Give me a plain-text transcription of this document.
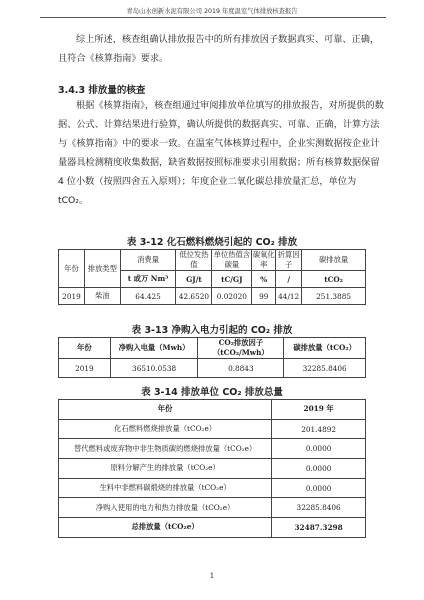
青岛山水创新水泥有限公司 2019 年度温室气体排放核查报告
综上所述，核查组确认排放报告中的所有排放因子数据真实、可靠、正确，且符合《核算指南》要求。
3.4.3 排放量的核查
根据《核算指南》，核查组通过审阅排放单位填写的排放报告，对所提供的数据、公式、计算结果进行验算，确认所提供的数据真实、可靠、正确，计算方法与《核算指南》中的要求一致。在温室气体核算过程中，企业实测数据按企业计量器具检测精度收集数据，缺省数据按照标准要求引用数据；所有核算数据保留 4 位小数（按照四舍五入原则）；年度企业二氧化碳总排放量汇总，单位为 tCO₂。
表 3-12 化石燃料燃烧引起的 CO₂ 排放
年份	排放类型	消费量	低位发热值	单位热值含碳量	碳氧化率	折算因子	碳排放量
		t 或万 Nm³	GJ/t	tC/GJ	%	/	tCO₂
2019	柴油	64.425	42.6520	0.02020	99	44/12	251.3885
表 3-13 净购入电力引起的 CO₂ 排放
年份	净购入电量（Mwh）	CO₂排放因子（tCO₂/Mwh）	碳排放量（tCO₂）
2019	36510.0538	0.8843	32285.8406
表 3-14 排放单位 CO₂ 排放总量
年份	2019 年
化石燃料燃烧排放量（tCO₂e）	201.4892
替代燃料或废弃物中非生物质碳的燃烧排放量（tCO₂e）	0.0000
原料分解产生的排放量（tCO₂e）	0.0000
生料中非燃料碳煅烧的排放量（tCO₂e）	0.0000
净购入使用的电力和热力排放量（tCO₂e）	32285.8406
总排放量（tCO₂e）	32487.3298
1
